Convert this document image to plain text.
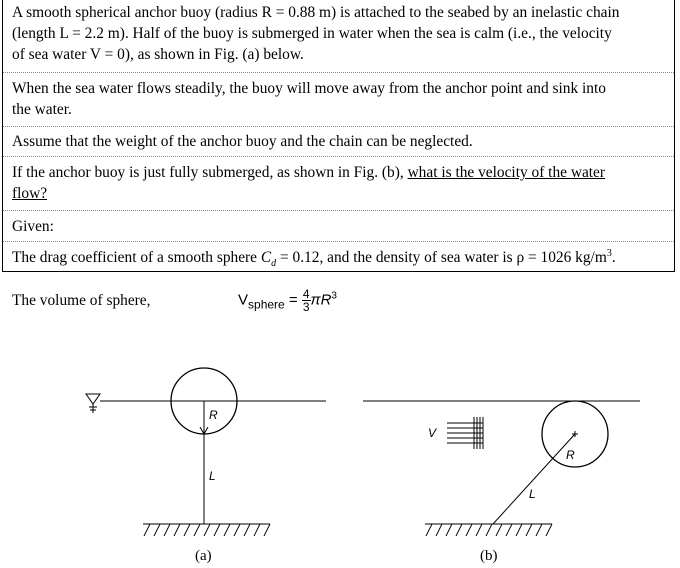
A smooth spherical anchor buoy (radius R = 0.88 m) is attached to the seabed by an inelastic chain
(length L = 2.2 m). Half of the buoy is submerged in water when the sea is calm (i.e., the velocity
of sea water V = 0), as shown in Fig. (a) below.

When the sea water flows steadily, the buoy will move away from the anchor point and sink into
the water.

Assume that the weight of the anchor buoy and the chain can be neglected.

If the anchor buoy is just fully submerged, as shown in Fig. (b), what is the velocity of the water
flow?

Given:

The drag coefficient of a smooth sphere $C_d = 0.12$, and the density of sea water is ρ = 1026 $kg/m^3$.

The volume of sphere,	$V_{sphere} = \frac{4}{3} \pi R^3$
R
L
(a)
V
R
L
(b)
